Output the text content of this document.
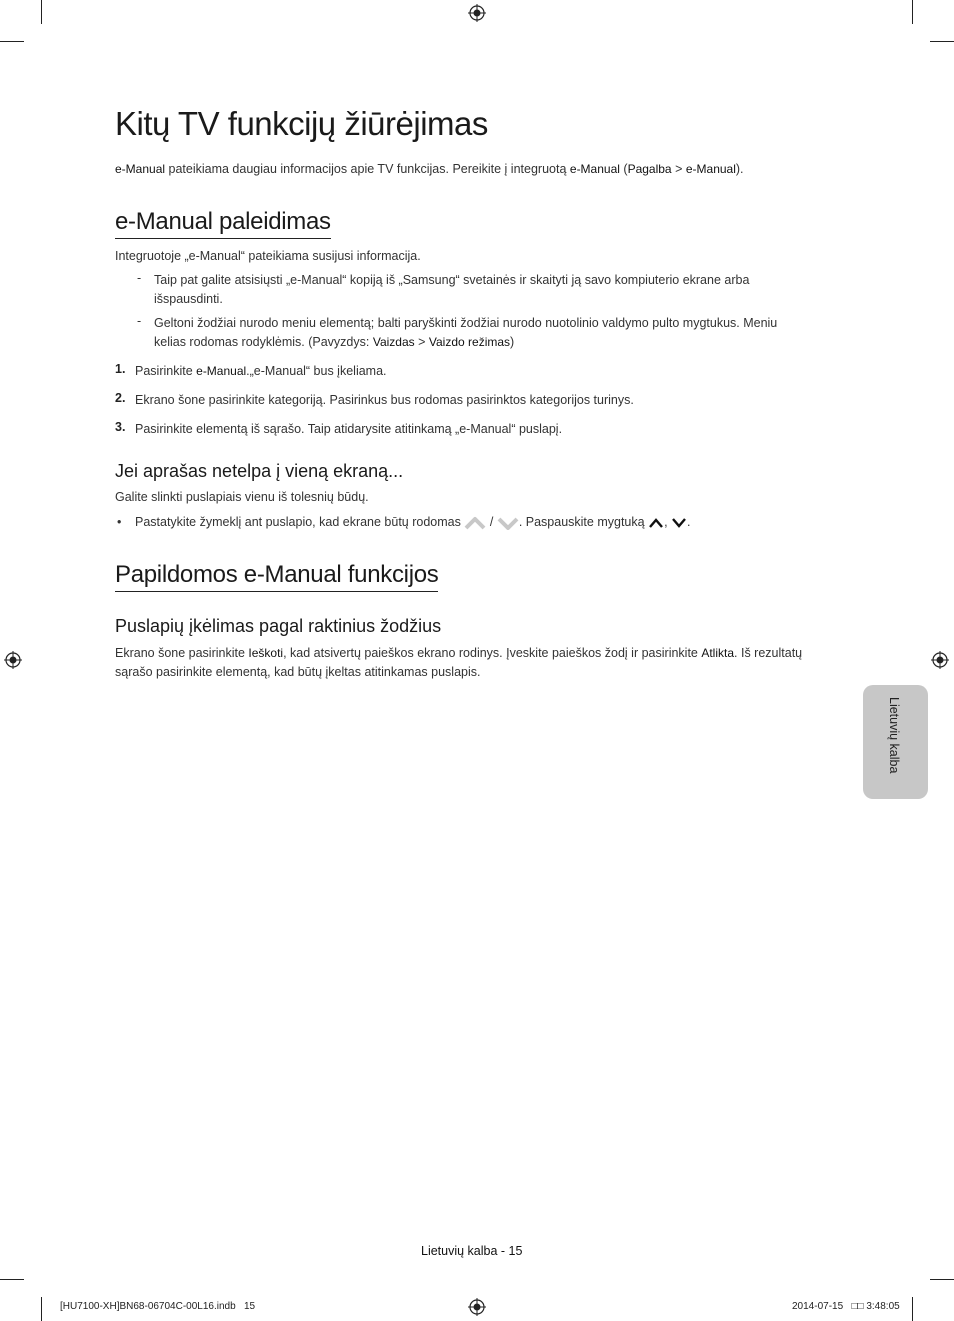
Kitų TV funkcijų žiūrėjimas
e-Manual pateikiama daugiau informacijos apie TV funkcijas. Pereikite į integruotą e-Manual (Pagalba > e-Manual).
e-Manual paleidimas
Integruotoje „e-Manual“ pateikiama susijusi informacija.
- Taip pat galite atsisiųsti „e-Manual“ kopiją iš „Samsung“ svetainės ir skaityti ją savo kompiuterio ekrane arba
išspausdinti.
- Geltoni žodžiai nurodo meniu elementą; balti paryškinti žodžiai nurodo nuotolinio valdymo pulto mygtukus. Meniu
kelias rodomas rodyklėmis. (Pavyzdys: Vaizdas > Vaizdo režimas)
1. Pasirinkite e-Manual.„e-Manual“ bus įkeliama.
2. Ekrano šone pasirinkite kategoriją. Pasirinkus bus rodomas pasirinktos kategorijos turinys.
3. Pasirinkite elementą iš sąrašo. Taip atidarysite atitinkamą „e-Manual“ puslapį.
Jei aprašas netelpa į vieną ekraną...
Galite slinkti puslapiais vienu iš tolesnių būdų.
• Pastatykite žymeklį ant puslapio, kad ekrane būtų rodomas / . Paspauskite mygtuką , .
Papildomos e-Manual funkcijos
Puslapių įkėlimas pagal raktinius žodžius
Ekrano šone pasirinkite Ieškoti, kad atsivertų paieškos ekrano rodinys. Įveskite paieškos žodį ir pasirinkite Atlikta. Iš rezultatų
sąrašo pasirinkite elementą, kad būtų įkeltas atitinkamas puslapis.
Lietuvių kalba
Lietuvių kalba - 15
[HU7100-XH]BN68-06704C-00L16.indb   15	2014-07-15   □□ 3:48:05
